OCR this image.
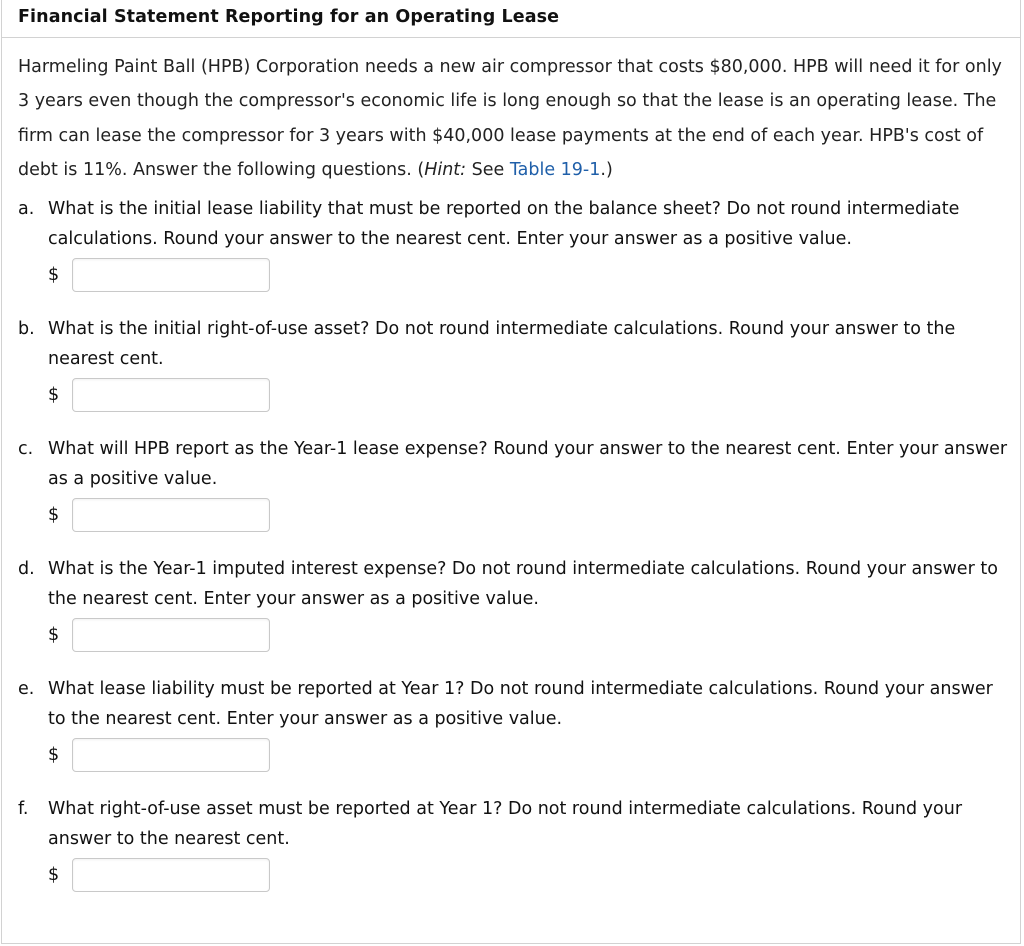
Financial Statement Reporting for an Operating Lease
Harmeling Paint Ball (HPB) Corporation needs a new air compressor that costs $80,000. HPB will need it for only 3 years even though the compressor's economic life is long enough so that the lease is an operating lease. The firm can lease the compressor for 3 years with $40,000 lease payments at the end of each year. HPB's cost of debt is 11%. Answer the following questions. (Hint: See Table 19-1.)
a. What is the initial lease liability that must be reported on the balance sheet? Do not round intermediate calculations. Round your answer to the nearest cent. Enter your answer as a positive value.
$
b. What is the initial right-of-use asset? Do not round intermediate calculations. Round your answer to the nearest cent.
$
c. What will HPB report as the Year-1 lease expense? Round your answer to the nearest cent. Enter your answer as a positive value.
$
d. What is the Year-1 imputed interest expense? Do not round intermediate calculations. Round your answer to the nearest cent. Enter your answer as a positive value.
$
e. What lease liability must be reported at Year 1? Do not round intermediate calculations. Round your answer to the nearest cent. Enter your answer as a positive value.
$
f. What right-of-use asset must be reported at Year 1? Do not round intermediate calculations. Round your answer to the nearest cent.
$
